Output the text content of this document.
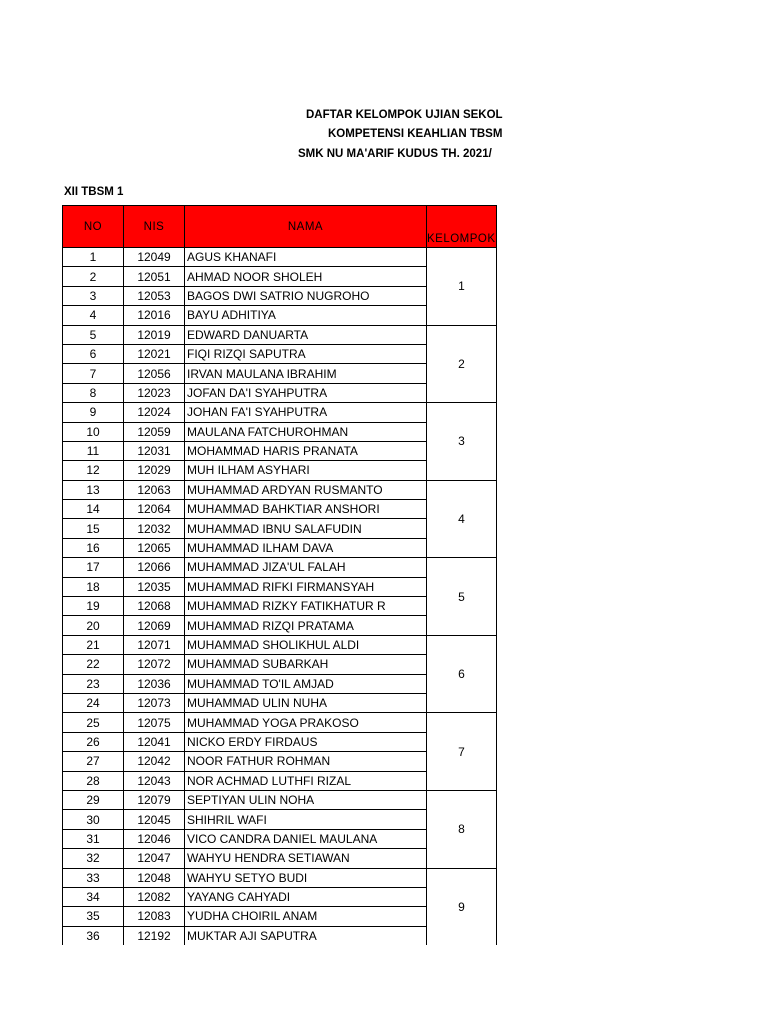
DAFTAR KELOMPOK UJIAN SEKOL
KOMPETENSI KEAHLIAN TBSM
SMK NU MA'ARIF KUDUS TH. 2021/
XII TBSM 1
NO	NIS	NAMA	KELOMPOK
1	12049	AGUS KHANAFI	1
2	12051	AHMAD NOOR SHOLEH	
3	12053	BAGOS DWI SATRIO NUGROHO	
4	12016	BAYU ADHITIYA	
5	12019	EDWARD DANUARTA	2
6	12021	FIQI RIZQI SAPUTRA	
7	12056	IRVAN MAULANA IBRAHIM	
8	12023	JOFAN DA'I SYAHPUTRA	
9	12024	JOHAN FA'I SYAHPUTRA	3
10	12059	MAULANA FATCHUROHMAN	
11	12031	MOHAMMAD HARIS PRANATA	
12	12029	MUH ILHAM ASYHARI	
13	12063	MUHAMMAD ARDYAN RUSMANTO	4
14	12064	MUHAMMAD BAHKTIAR ANSHORI	
15	12032	MUHAMMAD IBNU SALAFUDIN	
16	12065	MUHAMMAD ILHAM DAVA	
17	12066	MUHAMMAD JIZA'UL FALAH	5
18	12035	MUHAMMAD RIFKI FIRMANSYAH	
19	12068	MUHAMMAD RIZKY FATIKHATUR R	
20	12069	MUHAMMAD RIZQI PRATAMA	
21	12071	MUHAMMAD SHOLIKHUL ALDI	6
22	12072	MUHAMMAD SUBARKAH	
23	12036	MUHAMMAD TO'IL AMJAD	
24	12073	MUHAMMAD ULIN NUHA	
25	12075	MUHAMMAD YOGA PRAKOSO	7
26	12041	NICKO ERDY FIRDAUS	
27	12042	NOOR FATHUR ROHMAN	
28	12043	NOR ACHMAD LUTHFI RIZAL	
29	12079	SEPTIYAN ULIN NOHA	8
30	12045	SHIHRIL WAFI	
31	12046	VICO CANDRA DANIEL MAULANA	
32	12047	WAHYU HENDRA SETIAWAN	
33	12048	WAHYU SETYO BUDI	9
34	12082	YAYANG CAHYADI	
35	12083	YUDHA CHOIRIL ANAM	
36	12192	MUKTAR AJI SAPUTRA	
